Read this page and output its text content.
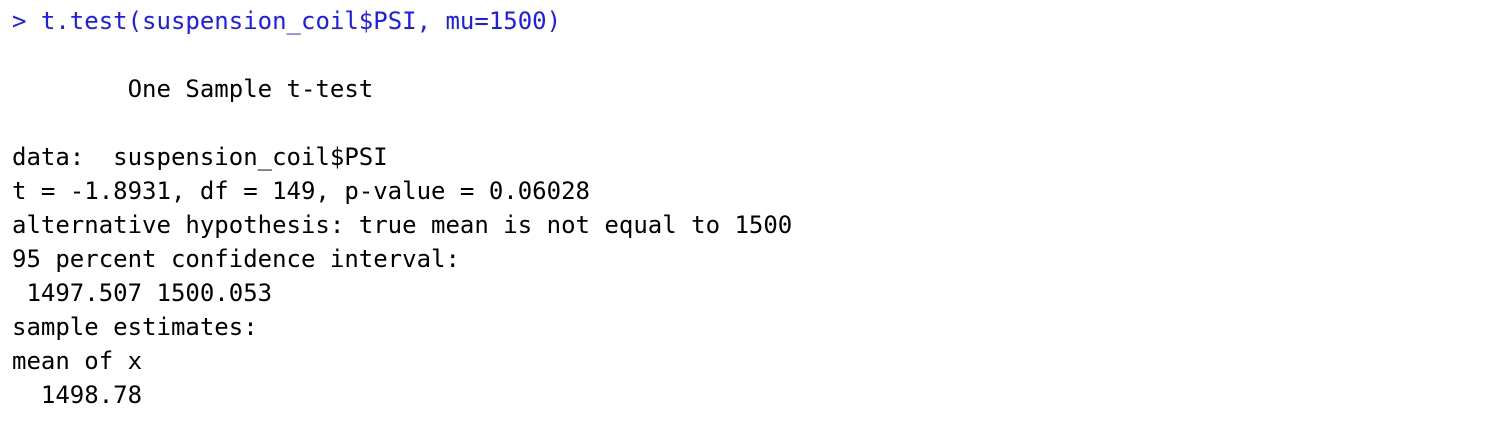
> t.test(suspension_coil$PSI, mu=1500)
One Sample t-test
data:  suspension_coil$PSI
t = -1.8931, df = 149, p-value = 0.06028
alternative hypothesis: true mean is not equal to 1500
95 percent confidence interval:
1497.507 1500.053
sample estimates:
mean of x
1498.78
